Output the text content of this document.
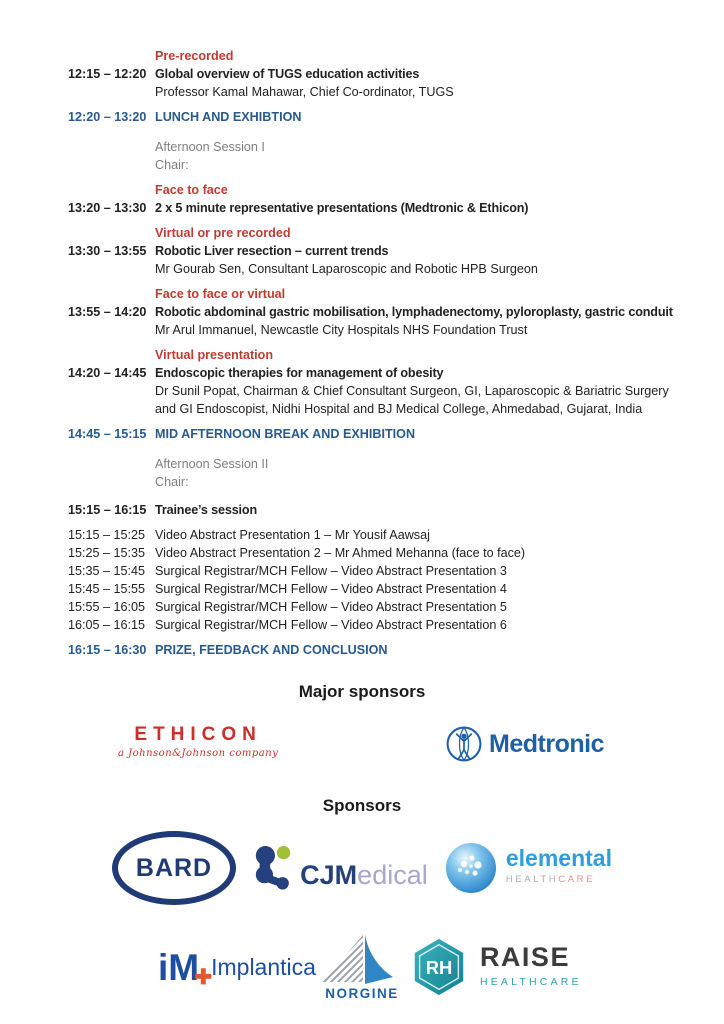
Pre-recorded
12:15 – 12:20 Global overview of TUGS education activities
Professor Kamal Mahawar, Chief Co-ordinator, TUGS
12:20 – 13:20 LUNCH AND EXHIBTION
Afternoon Session I
Chair:
Face to face
13:20 – 13:30 2 x 5 minute representative presentations (Medtronic & Ethicon)
Virtual or pre recorded
13:30 – 13:55 Robotic Liver resection – current trends
Mr Gourab Sen, Consultant Laparoscopic and Robotic HPB Surgeon
Face to face or virtual
13:55 – 14:20 Robotic abdominal gastric mobilisation, lymphadenectomy, pyloroplasty, gastric conduit
Mr Arul Immanuel, Newcastle City Hospitals NHS Foundation Trust
Virtual presentation
14:20 – 14:45 Endoscopic therapies for management of obesity
Dr Sunil Popat, Chairman & Chief Consultant Surgeon, GI, Laparoscopic & Bariatric Surgery
and GI Endoscopist, Nidhi Hospital and BJ Medical College, Ahmedabad, Gujarat, India
14:45 – 15:15 MID AFTERNOON BREAK AND EXHIBITION
Afternoon Session II
Chair:
15:15 – 16:15 Trainee’s session
15:15 – 15:25 Video Abstract Presentation 1 – Mr Yousif Aawsaj
15:25 – 15:35 Video Abstract Presentation 2 – Mr Ahmed Mehanna (face to face)
15:35 – 15:45 Surgical Registrar/MCH Fellow – Video Abstract Presentation 3
15:45 – 15:55 Surgical Registrar/MCH Fellow – Video Abstract Presentation 4
15:55 – 16:05 Surgical Registrar/MCH Fellow – Video Abstract Presentation 5
16:05 – 16:15 Surgical Registrar/MCH Fellow – Video Abstract Presentation 6
16:15 – 16:30 PRIZE, FEEDBACK AND CONCLUSION
Major sponsors
ETHICON
a Johnson&Johnson company	Medtronic
Sponsors
BARD	CJMedical
elemental
HEALTHCARE
iM
✚ Implantica
NORGINE
RH RAISE
HEALTHCARE
